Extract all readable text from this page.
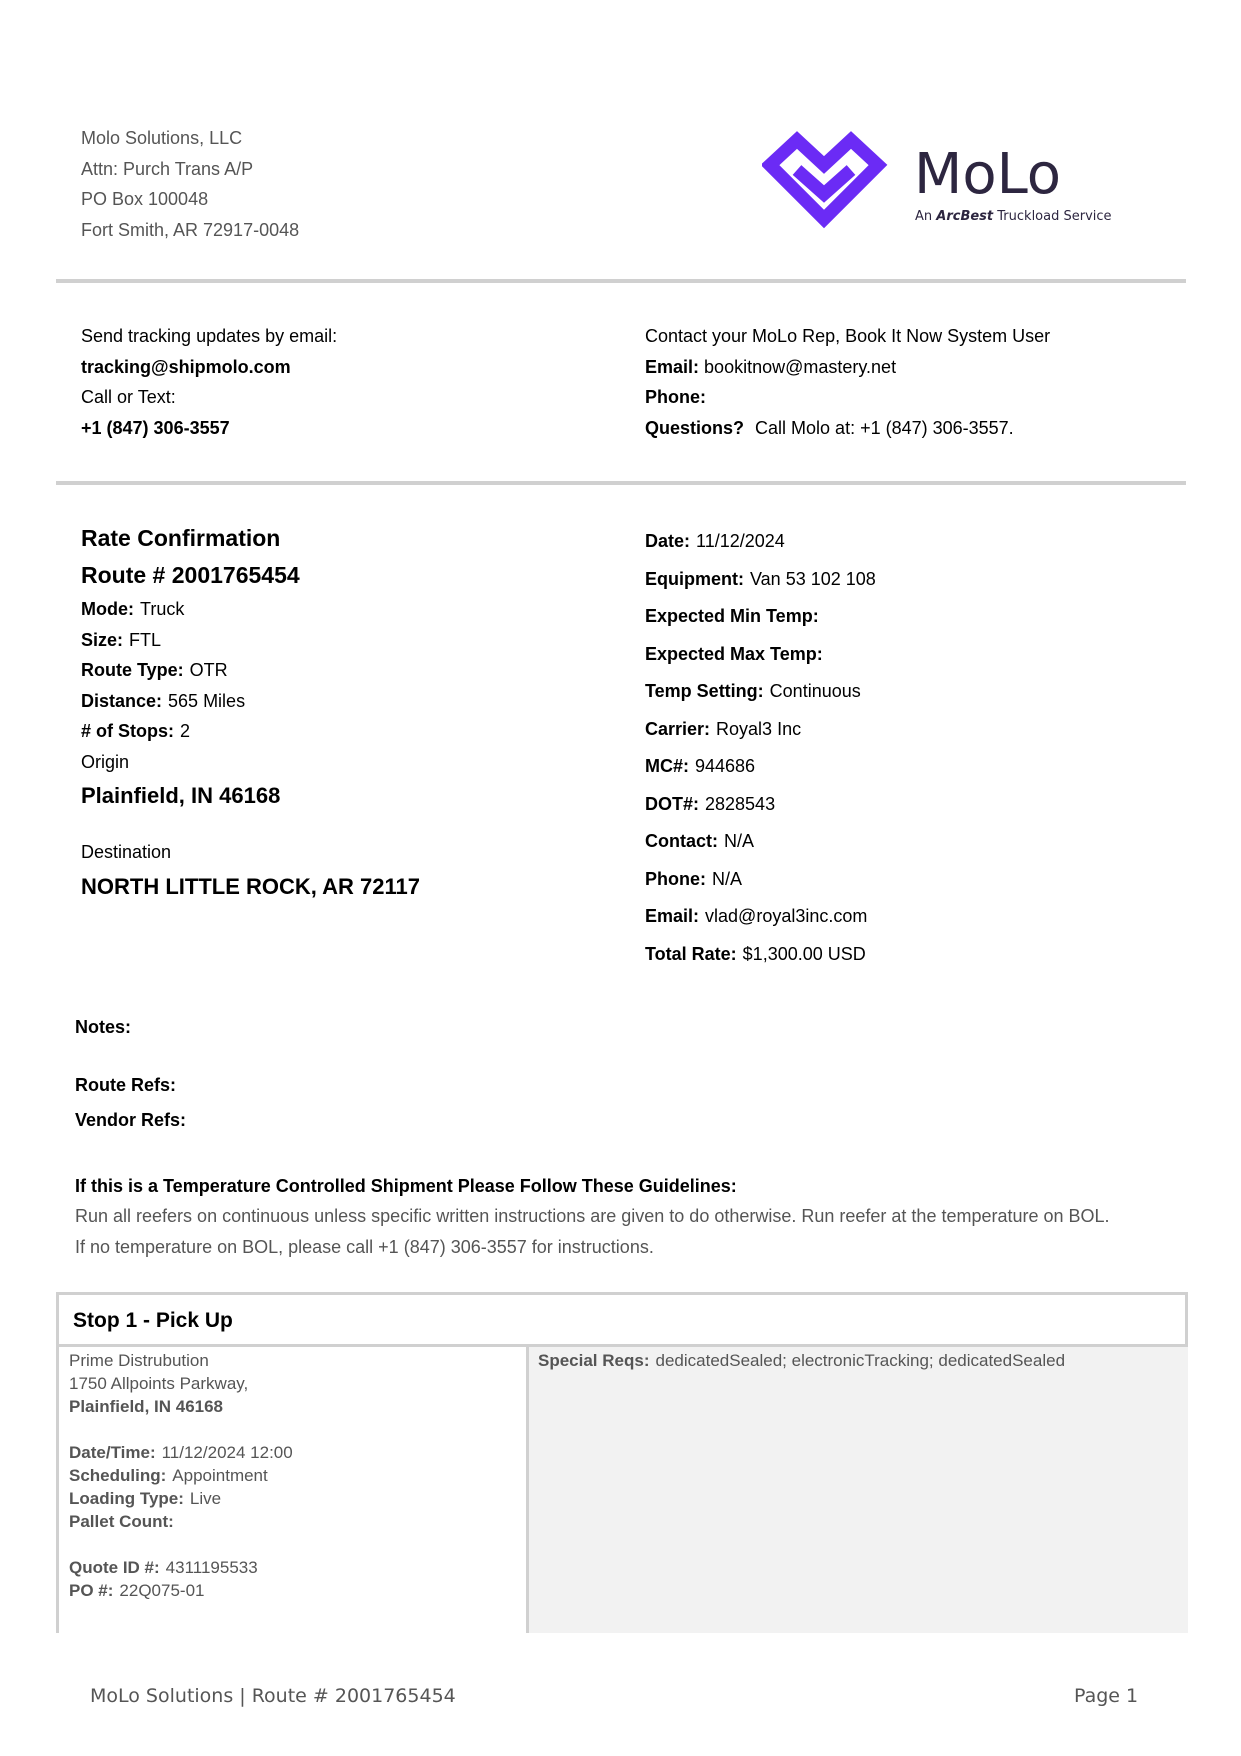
Molo Solutions, LLC
Attn: Purch Trans A/P
PO Box 100048
Fort Smith, AR 72917-0048
MoLo
An ArcBest Truckload Service
Send tracking updates by email:
tracking@shipmolo.com
Call or Text:
+1 (847) 306-3557
Contact your MoLo Rep, Book It Now System User
Email: bookitnow@mastery.net
Phone:
Questions? Call Molo at: +1 (847) 306-3557.
Rate Confirmation
Route # 2001765454
Mode: Truck
Size: FTL
Route Type: OTR
Distance: 565 Miles
# of Stops: 2
Origin
Plainfield, IN 46168
Destination
NORTH LITTLE ROCK, AR 72117
Date: 11/12/2024
Equipment: Van 53 102 108
Expected Min Temp:
Expected Max Temp:
Temp Setting: Continuous
Carrier: Royal3 Inc
MC#: 944686
DOT#: 2828543
Contact: N/A
Phone: N/A
Email: vlad@royal3inc.com
Total Rate: $1,300.00 USD
Notes:
Route Refs:
Vendor Refs:
If this is a Temperature Controlled Shipment Please Follow These Guidelines:
Run all reefers on continuous unless specific written instructions are given to do otherwise. Run reefer at the temperature on BOL.
If no temperature on BOL, please call +1 (847) 306-3557 for instructions.
Stop 1 - Pick Up
Prime Distrubution
1750 Allpoints Parkway,
Plainfield, IN 46168
Date/Time: 11/12/2024 12:00
Scheduling: Appointment
Loading Type: Live
Pallet Count:
Quote ID #: 4311195533
PO #: 22Q075-01
Special Reqs: dedicatedSealed; electronicTracking; dedicatedSealed
MoLo Solutions | Route # 2001765454	Page 1
